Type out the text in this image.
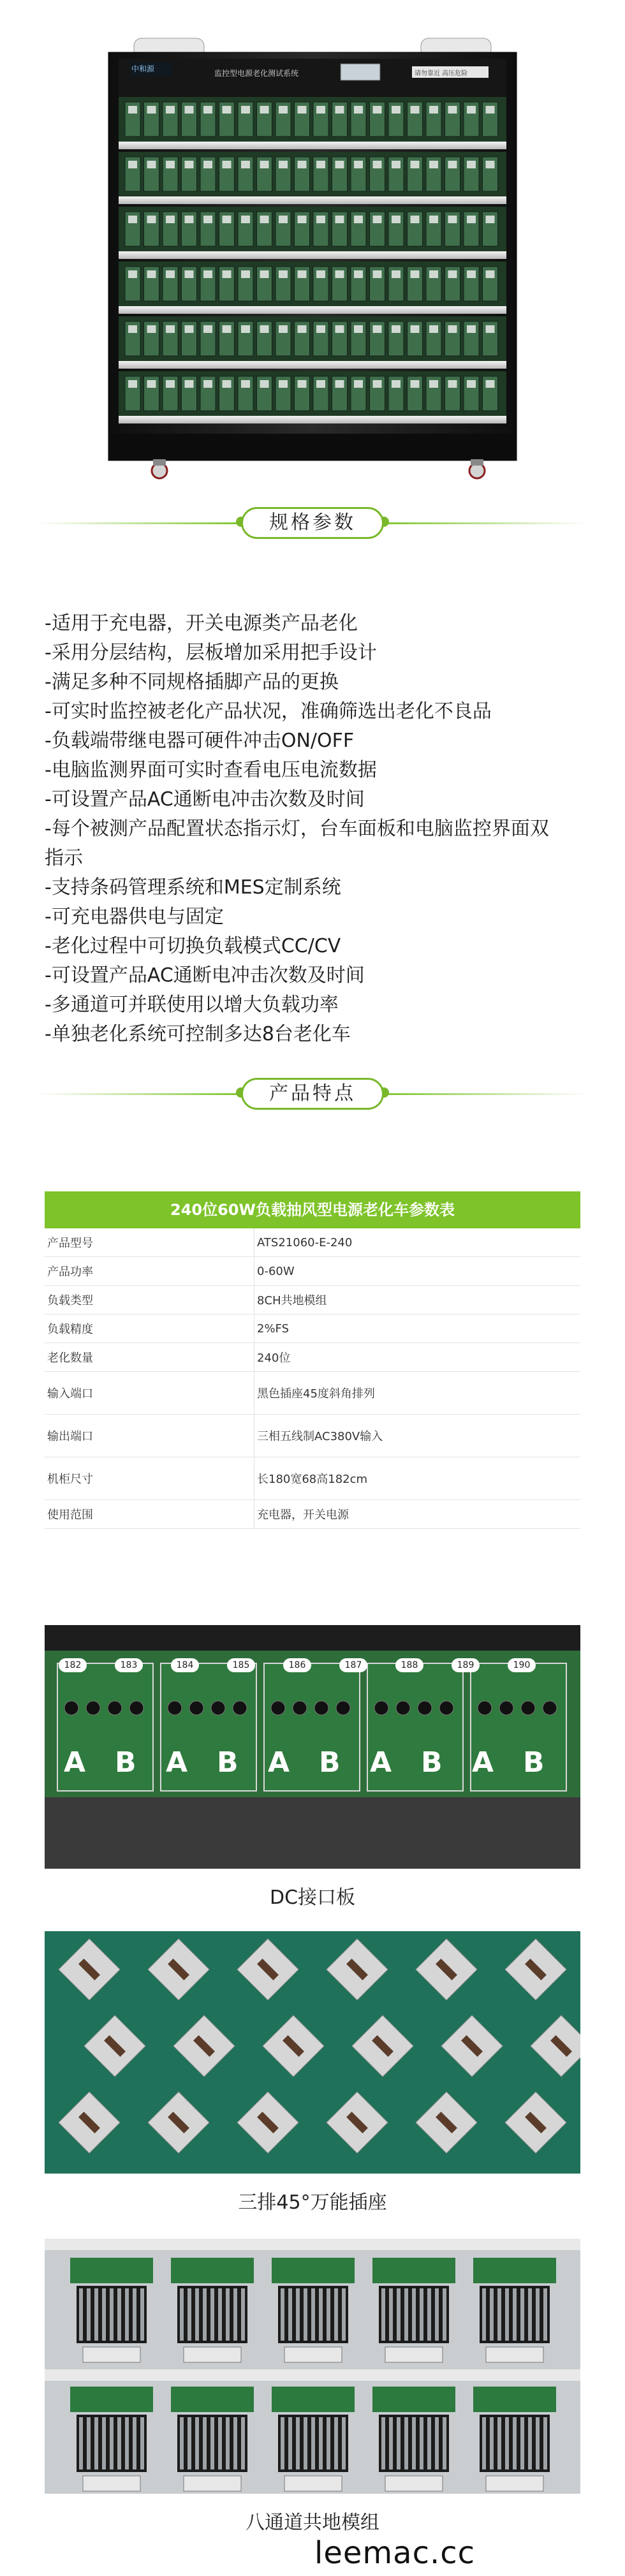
中和源	监控型电源老化测试系统	请勿靠近 高压危险
规格参数

-适用于充电器，开关电源类产品老化

-采用分层结构，层板增加采用把手设计

-满足多种不同规格插脚产品的更换

-可实时监控被老化产品状况，准确筛选出老化不良品

-负载端带继电器可硬件冲击ON/OFF

-电脑监测界面可实时查看电压电流数据

-可设置产品AC通断电冲击次数及时间

-每个被测产品配置状态指示灯，台车面板和电脑监控界面双

指示

-支持条码管理系统和MES定制系统

-可充电器供电与固定

-老化过程中可切换负载模式CC/CV

-可设置产品AC通断电冲击次数及时间

-多通道可并联使用以增大负载功率

-单独老化系统可控制多达8台老化车

产品特点
240位60W负载抽风型电源老化车参数表
产品型号	ATS21060-E-240
产品功率	0-60W
负载类型	8CH共地模组
负载精度	2%FS
老化数量	240位
输入端口	黑色插座45度斜角排列
输出端口	三相五线制AC380V输入
机柜尺寸	长180宽68高182cm
使用范围	充电器，开关电源
182	183	184	185	186	187	188	189	190
A B A B A B A B A B
DC接口板
三排45°万能插座
八通道共地模组
leemac.cc
